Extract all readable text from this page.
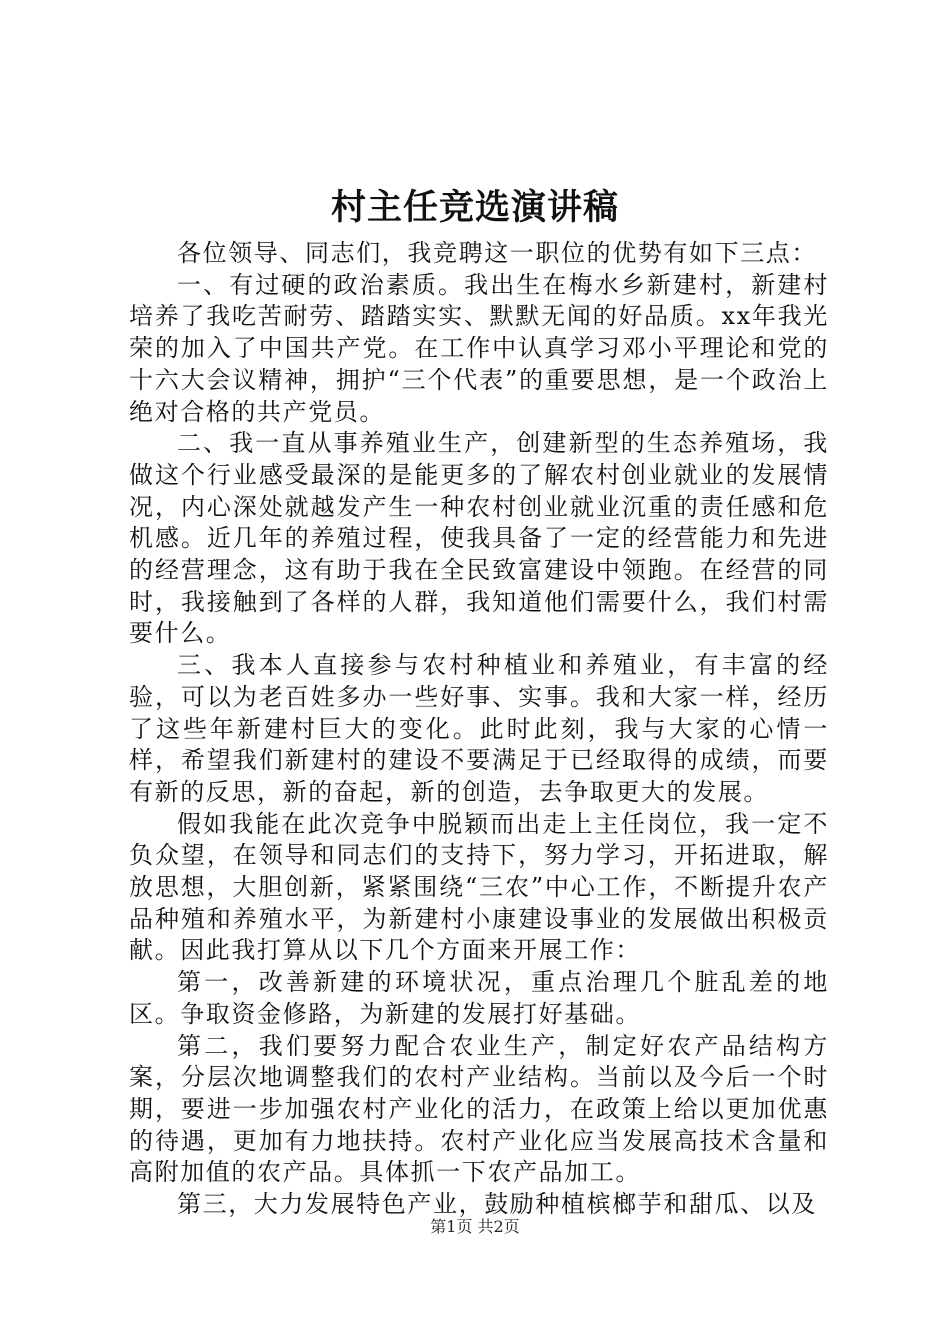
村主任竞选演讲稿

各位领导、同志们，我竞聘这一职位的优势有如下三点：

一、有过硬的政治素质。我出生在梅水乡新建村，新建村培养了我吃苦耐劳、踏踏实实、默默无闻的好品质。xx年我光荣的加入了中国共产党。在工作中认真学习邓小平理论和党的十六大会议精神，拥护“三个代表”的重要思想，是一个政治上绝对合格的共产党员。

二、我一直从事养殖业生产，创建新型的生态养殖场，我做这个行业感受最深的是能更多的了解农村创业就业的发展情况，内心深处就越发产生一种农村创业就业沉重的责任感和危机感。近几年的养殖过程，使我具备了一定的经营能力和先进的经营理念，这有助于我在全民致富建设中领跑。在经营的同时，我接触到了各样的人群，我知道他们需要什么，我们村需要什么。

三、我本人直接参与农村种植业和养殖业，有丰富的经验，可以为老百姓多办一些好事、实事。我和大家一样，经历了这些年新建村巨大的变化。此时此刻，我与大家的心情一样，希望我们新建村的建设不要满足于已经取得的成绩，而要有新的反思，新的奋起，新的创造，去争取更大的发展。

假如我能在此次竞争中脱颖而出走上主任岗位，我一定不负众望，在领导和同志们的支持下，努力学习，开拓进取，解放思想，大胆创新，紧紧围绕“三农”中心工作，不断提升农产品种殖和养殖水平，为新建村小康建设事业的发展做出积极贡献。因此我打算从以下几个方面来开展工作：

第一，改善新建的环境状况，重点治理几个脏乱差的地区。争取资金修路，为新建的发展打好基础。

第二，我们要努力配合农业生产，制定好农产品结构方案，分层次地调整我们的农村产业结构。当前以及今后一个时期，要进一步加强农村产业化的活力，在政策上给以更加优惠的待遇，更加有力地扶持。农村产业化应当发展高技术含量和高附加值的农产品。具体抓一下农产品加工。

第三，大力发展特色产业，鼓励种植槟榔芋和甜瓜、以及

第1页 共2页
